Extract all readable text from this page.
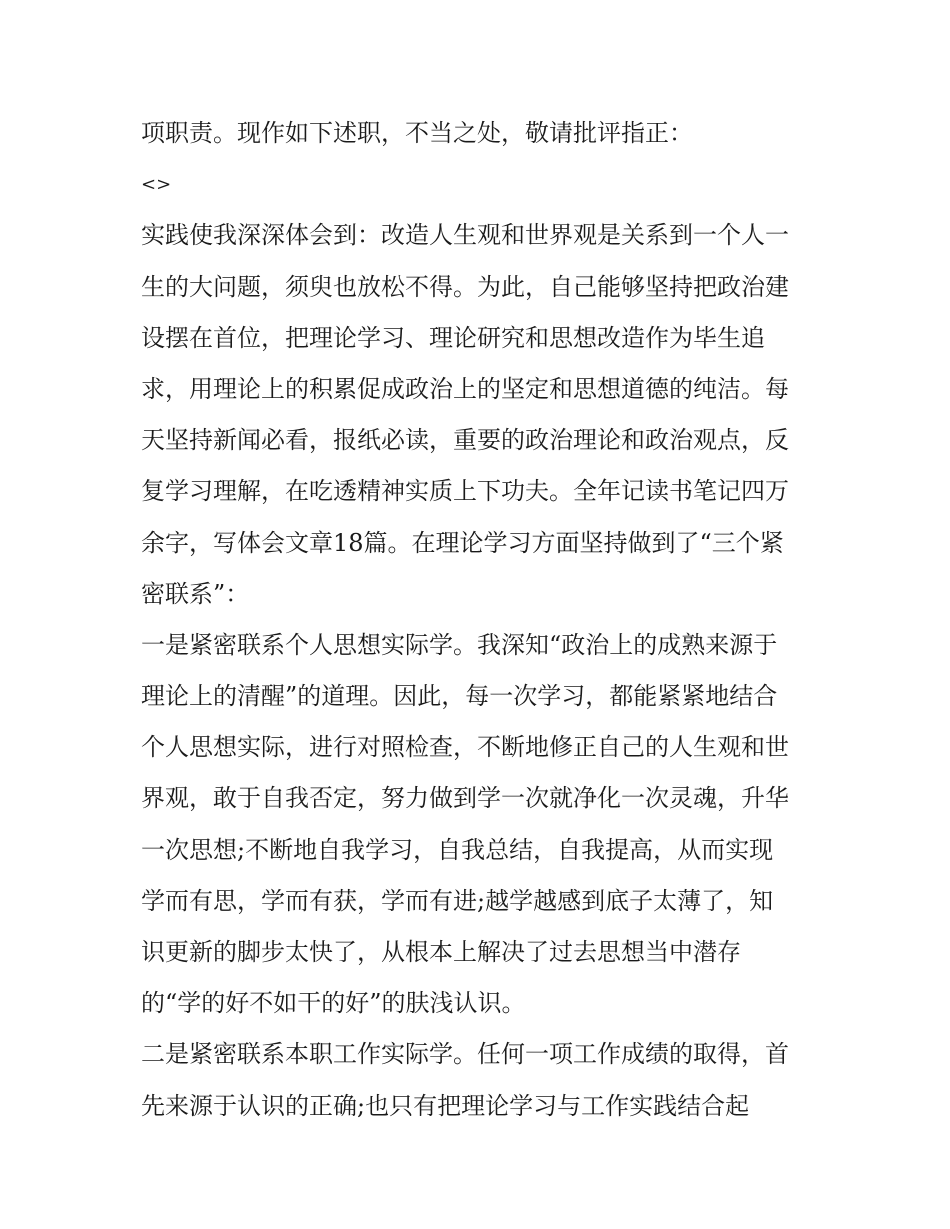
项职责。现作如下述职，不当之处，敬请批评指正：
<>
实践使我深深体会到：改造人生观和世界观是关系到一个人一
生的大问题，须臾也放松不得。为此，自己能够坚持把政治建
设摆在首位，把理论学习、理论研究和思想改造作为毕生追
求，用理论上的积累促成政治上的坚定和思想道德的纯洁。每
天坚持新闻必看，报纸必读，重要的政治理论和政治观点，反
复学习理解，在吃透精神实质上下功夫。全年记读书笔记四万
余字，写体会文章18篇。在理论学习方面坚持做到了“三个紧
密联系”：
一是紧密联系个人思想实际学。我深知“政治上的成熟来源于
理论上的清醒”的道理。因此，每一次学习，都能紧紧地结合
个人思想实际，进行对照检查，不断地修正自己的人生观和世
界观，敢于自我否定，努力做到学一次就净化一次灵魂，升华
一次思想;不断地自我学习，自我总结，自我提高，从而实现
学而有思，学而有获，学而有进;越学越感到底子太薄了，知
识更新的脚步太快了，从根本上解决了过去思想当中潜存
的“学的好不如干的好”的肤浅认识。
二是紧密联系本职工作实际学。任何一项工作成绩的取得，首
先来源于认识的正确;也只有把理论学习与工作实践结合起
